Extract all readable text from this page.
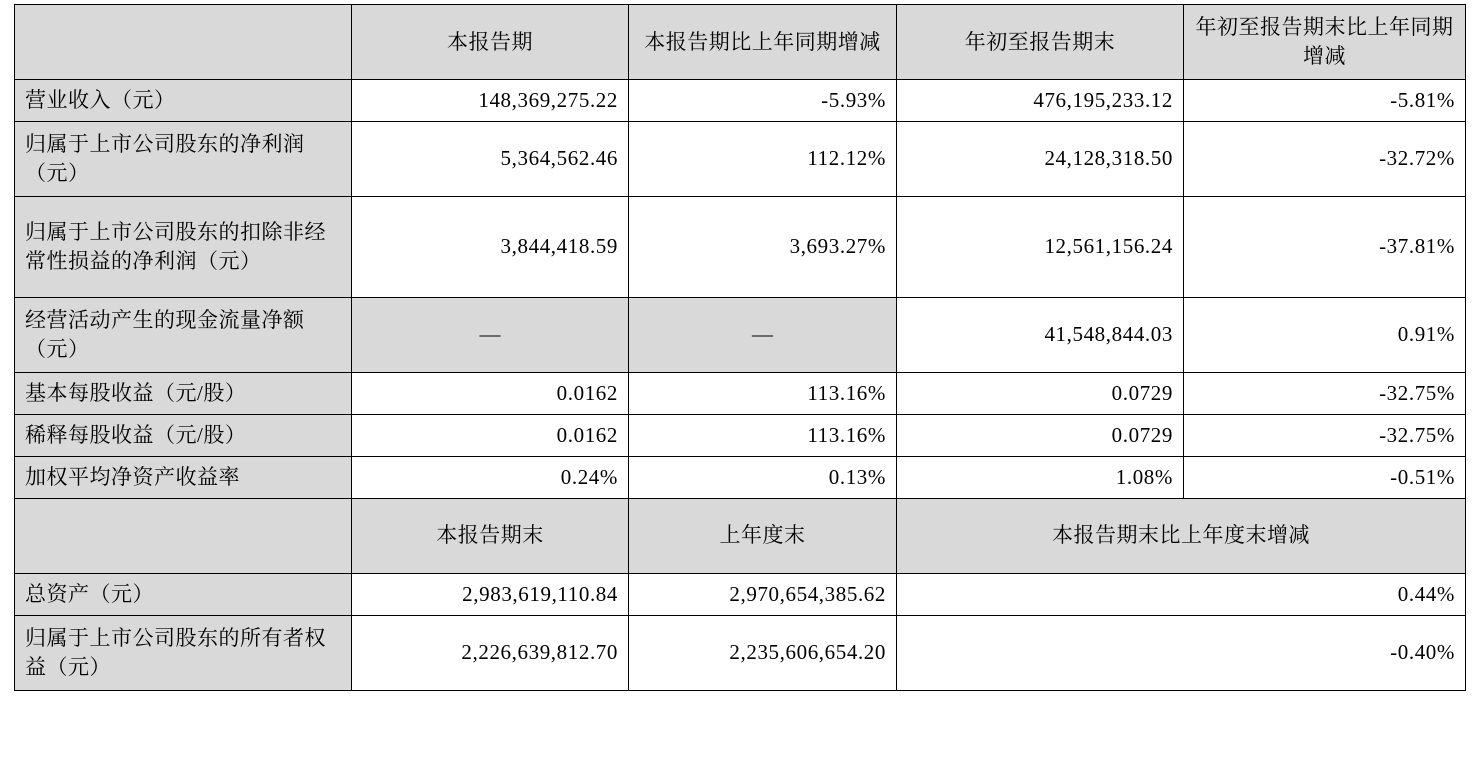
	本报告期	本报告期比上年同期增减	年初至报告期末	年初至报告期末比上年同期增减
营业收入（元）	148,369,275.22	-5.93%	476,195,233.12	-5.81%
归属于上市公司股东的净利润（元）	5,364,562.46	112.12%	24,128,318.50	-32.72%
归属于上市公司股东的扣除非经常性损益的净利润（元）	3,844,418.59	3,693.27%	12,561,156.24	-37.81%
经营活动产生的现金流量净额（元）	—	—	41,548,844.03	0.91%
基本每股收益（元/股）	0.0162	113.16%	0.0729	-32.75%
稀释每股收益（元/股）	0.0162	113.16%	0.0729	-32.75%
加权平均净资产收益率	0.24%	0.13%	1.08%	-0.51%
	本报告期末	上年度末	本报告期末比上年度末增减	
总资产（元）	2,983,619,110.84	2,970,654,385.62	0.44%	
归属于上市公司股东的所有者权益（元）	2,226,639,812.70	2,235,606,654.20	-0.40%	
